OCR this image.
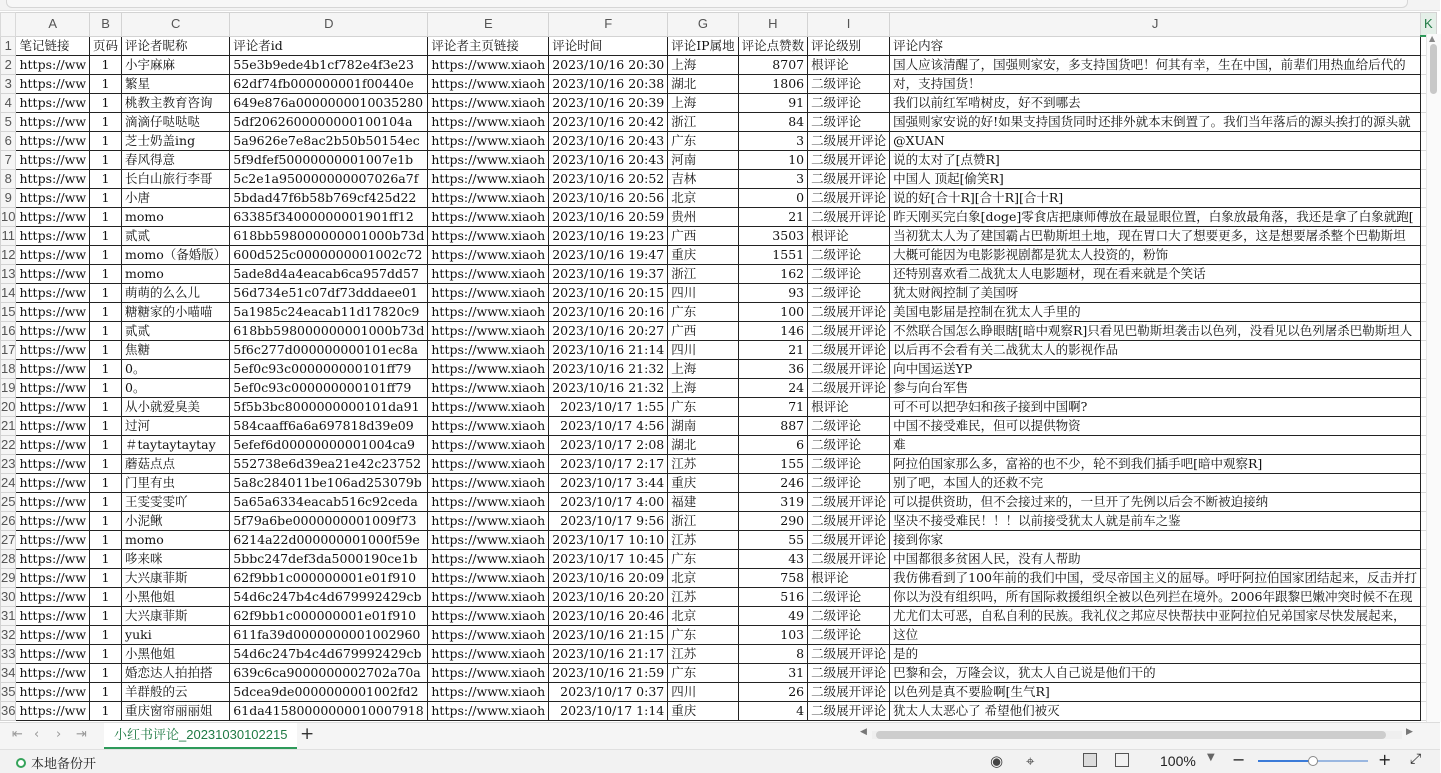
	A	B	C	D	E	F	G	H	I	J	K
1	笔记链接	页码	评论者昵称	评论者id	评论者主页链接	评论时间	评论IP属地	评论点赞数	评论级别	评论内容	
2	https://ww	1	小宇麻麻	55e3b9ede4b1cf782e4f3e23	https://www.xiaoh	2023/10/16 20:30	上海	8707	根评论	国人应该清醒了，国强则家安，多支持国货吧！何其有幸，生在中国，前辈们用热血给后代的	
3	https://ww	1	繁星	62df74fb000000001f00440e	https://www.xiaoh	2023/10/16 20:38	湖北	1806	二级评论	对，支持国货！	
4	https://ww	1	桃教主教育咨询	649e876a0000000010035280	https://www.xiaoh	2023/10/16 20:39	上海	91	二级评论	我们以前红军啃树皮，好不到哪去	
5	https://ww	1	滴滴仔哒哒哒	5df2062600000000100104a	https://www.xiaoh	2023/10/16 20:42	浙江	84	二级评论	国强则家安说的好!如果支持国货同时还排外就本末倒置了。我们当年落后的源头挨打的源头就	
6	https://ww	1	芝士奶盖ing	5a9626e7e8ac2b50b50154ec	https://www.xiaoh	2023/10/16 20:43	广东	3	二级展开评论	@XUAN	
7	https://ww	1	春风得意	5f9dfef50000000001007e1b	https://www.xiaoh	2023/10/16 20:43	河南	10	二级展开评论	说的太对了[点赞R]	
8	https://ww	1	长白山旅行李哥	5c2e1a950000000007026a7f	https://www.xiaoh	2023/10/16 20:52	吉林	3	二级展开评论	中国人 顶起[偷笑R]	
9	https://ww	1	小唐	5bdad47f6b58b769cf425d22	https://www.xiaoh	2023/10/16 20:56	北京	0	二级展开评论	说的好[合十R][合十R][合十R]	
10	https://ww	1	momo	63385f34000000001901ff12	https://www.xiaoh	2023/10/16 20:59	贵州	21	二级展开评论	昨天刚买完白象[doge]零食店把康师傅放在最显眼位置，白象放最角落，我还是拿了白象就跑[	
11	https://ww	1	贰贰	618bb598000000001000b73d	https://www.xiaoh	2023/10/16 19:23	广西	3503	根评论	当初犹太人为了建国霸占巴勒斯坦土地，现在胃口大了想要更多，这是想要屠杀整个巴勒斯坦	
12	https://ww	1	momo（备婚版）	600d525c0000000001002c72	https://www.xiaoh	2023/10/16 19:47	重庆	1551	二级评论	大概可能因为电影影视剧都是犹太人投资的，粉饰	
13	https://ww	1	momo	5ade8d4a4eacab6ca957dd57	https://www.xiaoh	2023/10/16 19:37	浙江	162	二级评论	还特别喜欢看二战犹太人电影题材，现在看来就是个笑话	
14	https://ww	1	萌萌的么么儿	56d734e51c07df73dddaee01	https://www.xiaoh	2023/10/16 20:15	四川	93	二级评论	犹太财阀控制了美国呀	
15	https://ww	1	糖糖家的小喵喵	5a1985c24eacab11d17820c9	https://www.xiaoh	2023/10/16 20:16	广东	100	二级展开评论	美国电影届是控制在犹太人手里的	
16	https://ww	1	贰贰	618bb598000000001000b73d	https://www.xiaoh	2023/10/16 20:27	广西	146	二级展开评论	不然联合国怎么睁眼瞎[暗中观察R]只看见巴勒斯坦袭击以色列，没看见以色列屠杀巴勒斯坦人	
17	https://ww	1	焦糖	5f6c277d000000000101ec8a	https://www.xiaoh	2023/10/16 21:14	四川	21	二级展开评论	以后再不会看有关二战犹太人的影视作品	
18	https://ww	1	0。	5ef0c93c000000000101ff79	https://www.xiaoh	2023/10/16 21:32	上海	36	二级展开评论	向中国运送YP	
19	https://ww	1	0。	5ef0c93c000000000101ff79	https://www.xiaoh	2023/10/16 21:32	上海	24	二级展开评论	参与向台军售	
20	https://ww	1	从小就爱臭美	5f5b3bc8000000000101da91	https://www.xiaoh	2023/10/17 1:55	广东	71	根评论	可不可以把孕妇和孩子接到中国啊?	
21	https://ww	1	过河	584caaff6a6a697818d39e09	https://www.xiaoh	2023/10/17 4:56	湖南	887	二级评论	中国不接受难民，但可以提供物资	
22	https://ww	1	＃taytaytaytay	5efef6d00000000001004ca9	https://www.xiaoh	2023/10/17 2:08	湖北	6	二级评论	难	
23	https://ww	1	蘑菇点点	552738e6d39ea21e42c23752	https://www.xiaoh	2023/10/17 2:17	江苏	155	二级评论	阿拉伯国家那么多，富裕的也不少，轮不到我们插手吧[暗中观察R]	
24	https://ww	1	门里有虫	5a8c284011be106ad253079b	https://www.xiaoh	2023/10/17 3:44	重庆	246	二级评论	别了吧，本国人的还救不完	
25	https://ww	1	王雯雯雯吖	5a65a6334eacab516c92ceda	https://www.xiaoh	2023/10/17 4:00	福建	319	二级展开评论	可以提供资助，但不会接过来的，一旦开了先例以后会不断被迫接纳	
26	https://ww	1	小泥鳅	5f79a6be0000000001009f73	https://www.xiaoh	2023/10/17 9:56	浙江	290	二级展开评论	坚决不接受难民！！！以前接受犹太人就是前车之鉴	
27	https://ww	1	momo	6214a22d000000001000f59e	https://www.xiaoh	2023/10/17 10:10	江苏	55	二级展开评论	接到你家	
28	https://ww	1	哆来咪	5bbc247def3da5000190ce1b	https://www.xiaoh	2023/10/17 10:45	广东	43	二级展开评论	中国都很多贫困人民，没有人帮助	
29	https://ww	1	大兴康菲斯	62f9bb1c000000001e01f910	https://www.xiaoh	2023/10/16 20:09	北京	758	根评论	我仿佛看到了100年前的我们中国，受尽帝国主义的屈辱。呼吁阿拉伯国家团结起来，反击并打	
30	https://ww	1	小黑他姐	54d6c247b4c4d679992429cb	https://www.xiaoh	2023/10/16 20:20	江苏	516	二级评论	你以为没有组织吗，所有国际救援组织全被以色列拦在境外。2006年跟黎巴嫩冲突时候不在现	
31	https://ww	1	大兴康菲斯	62f9bb1c000000001e01f910	https://www.xiaoh	2023/10/16 20:46	北京	49	二级评论	尤尤们太可恶，自私自利的民族。我礼仪之邦应尽快帮扶中亚阿拉伯兄弟国家尽快发展起来，	
32	https://ww	1	yuki	611fa39d0000000001002960	https://www.xiaoh	2023/10/16 21:15	广东	103	二级评论	这位	
33	https://ww	1	小黑他姐	54d6c247b4c4d679992429cb	https://www.xiaoh	2023/10/16 21:17	江苏	8	二级展开评论	是的	
34	https://ww	1	婚恋达人拍拍搭	639c6ca9000000002702a70a	https://www.xiaoh	2023/10/16 21:59	广东	31	二级展开评论	巴黎和会，万隆会议，犹太人自己说是他们干的	
35	https://ww	1	羊群般的云	5dcea9de0000000001002fd2	https://www.xiaoh	2023/10/17 0:37	四川	26	二级展开评论	以色列是真不要脸啊[生气R]	
36	https://ww	1	重庆窗帘丽丽姐	61da41580000000010007918	https://www.xiaoh	2023/10/17 1:14	重庆	4	二级展开评论	犹太人太恶心了 希望他们被灭	
▲
⇤ ‹ › ⇥	小红书评论_20231030102215 +	◀	▶
本地备份开	◉ ⌖	100% ▼ −	+ ⤢
